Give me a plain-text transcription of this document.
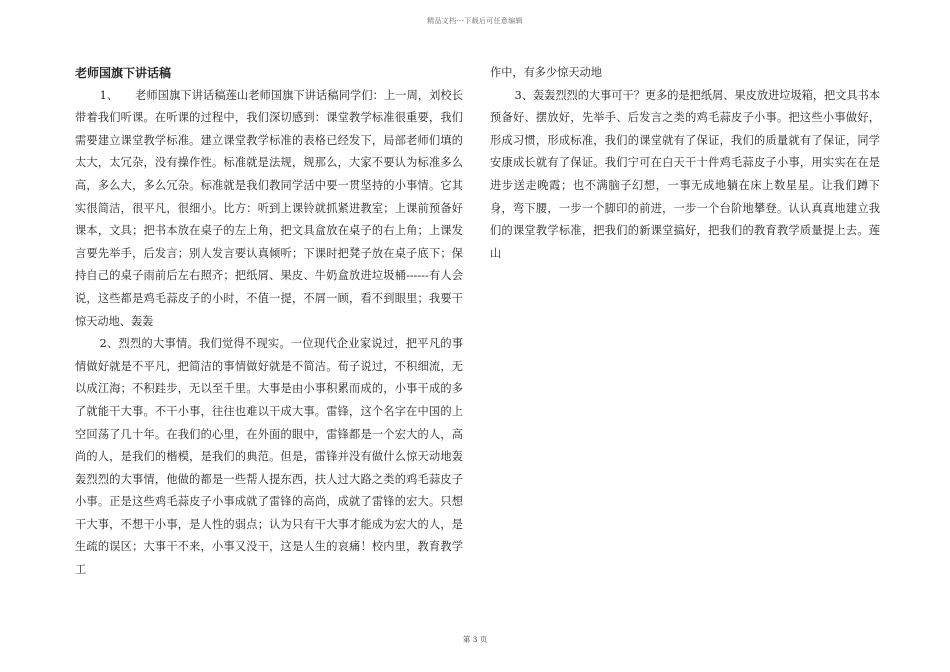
精品文档---下载后可任意编辑

老师国旗下讲话稿

1、　　老师国旗下讲话稿莲山老师国旗下讲话稿同学们：上一周，刘校长带着我们听课。在听课的过程中，我们深切感到：课堂教学标准很重要，我们需要建立课堂教学标准。建立课堂教学标准的表格已经发下，局部老师们填的太大，太冗杂，没有操作性。标准就是法规，规那么，大家不要认为标准多么高，多么大，多么冗杂。标准就是我们教同学活中要一贯坚持的小事情。它其实很简洁，很平凡，很细小。比方：听到上课铃就抓紧进教室；上课前预备好课本，文具；把书本放在桌子的左上角，把文具盒放在桌子的右上角；上课发言要先举手，后发言；别人发言要认真倾听；下课时把凳子放在桌子底下；保持自己的桌子雨前后左右照齐；把纸屑、果皮、牛奶盒放进垃圾桶------有人会说，这些都是鸡毛蒜皮子的小时，不值一提，不屑一顾，看不到眼里；我要干惊天动地、轰轰

2、烈烈的大事情。我们觉得不现实。一位现代企业家说过，把平凡的事情做好就是不平凡，把简洁的事情做好就是不简洁。荀子说过，不积细流，无以成江海；不积跬步，无以至千里。大事是由小事积累而成的，小事干成的多了就能干大事。不干小事，往往也难以干成大事。雷锋，这个名字在中国的上空回荡了几十年。在我们的心里，在外面的眼中，雷锋都是一个宏大的人，高尚的人，是我们的楷模，是我们的典范。但是，雷锋并没有做什么惊天动地轰轰烈烈的大事情，他做的都是一些帮人提东西，扶人过大路之类的鸡毛蒜皮子小事。正是这些鸡毛蒜皮子小事成就了雷锋的高尚，成就了雷锋的宏大。只想干大事，不想干小事，是人性的弱点；认为只有干大事才能成为宏大的人，是生疏的误区；大事干不来，小事又没干，这是人生的哀痛！校内里，教育教学工

作中，有多少惊天动地

3、轰轰烈烈的大事可干？更多的是把纸屑、果皮放进垃圾箱，把文具书本预备好、摆放好，先举手、后发言之类的鸡毛蒜皮子小事。把这些小事做好，形成习惯，形成标准，我们的课堂就有了保证，我们的质量就有了保证，同学安康成长就有了保证。我们宁可在白天干十件鸡毛蒜皮子小事，用实实在在是进步送走晚霞；也不满脑子幻想，一事无成地躺在床上数星星。让我们蹲下身，弯下腰，一步一个脚印的前进，一步一个台阶地攀登。认认真真地建立我们的课堂教学标准，把我们的新课堂搞好，把我们的教育教学质量提上去。莲山

第 3 页
